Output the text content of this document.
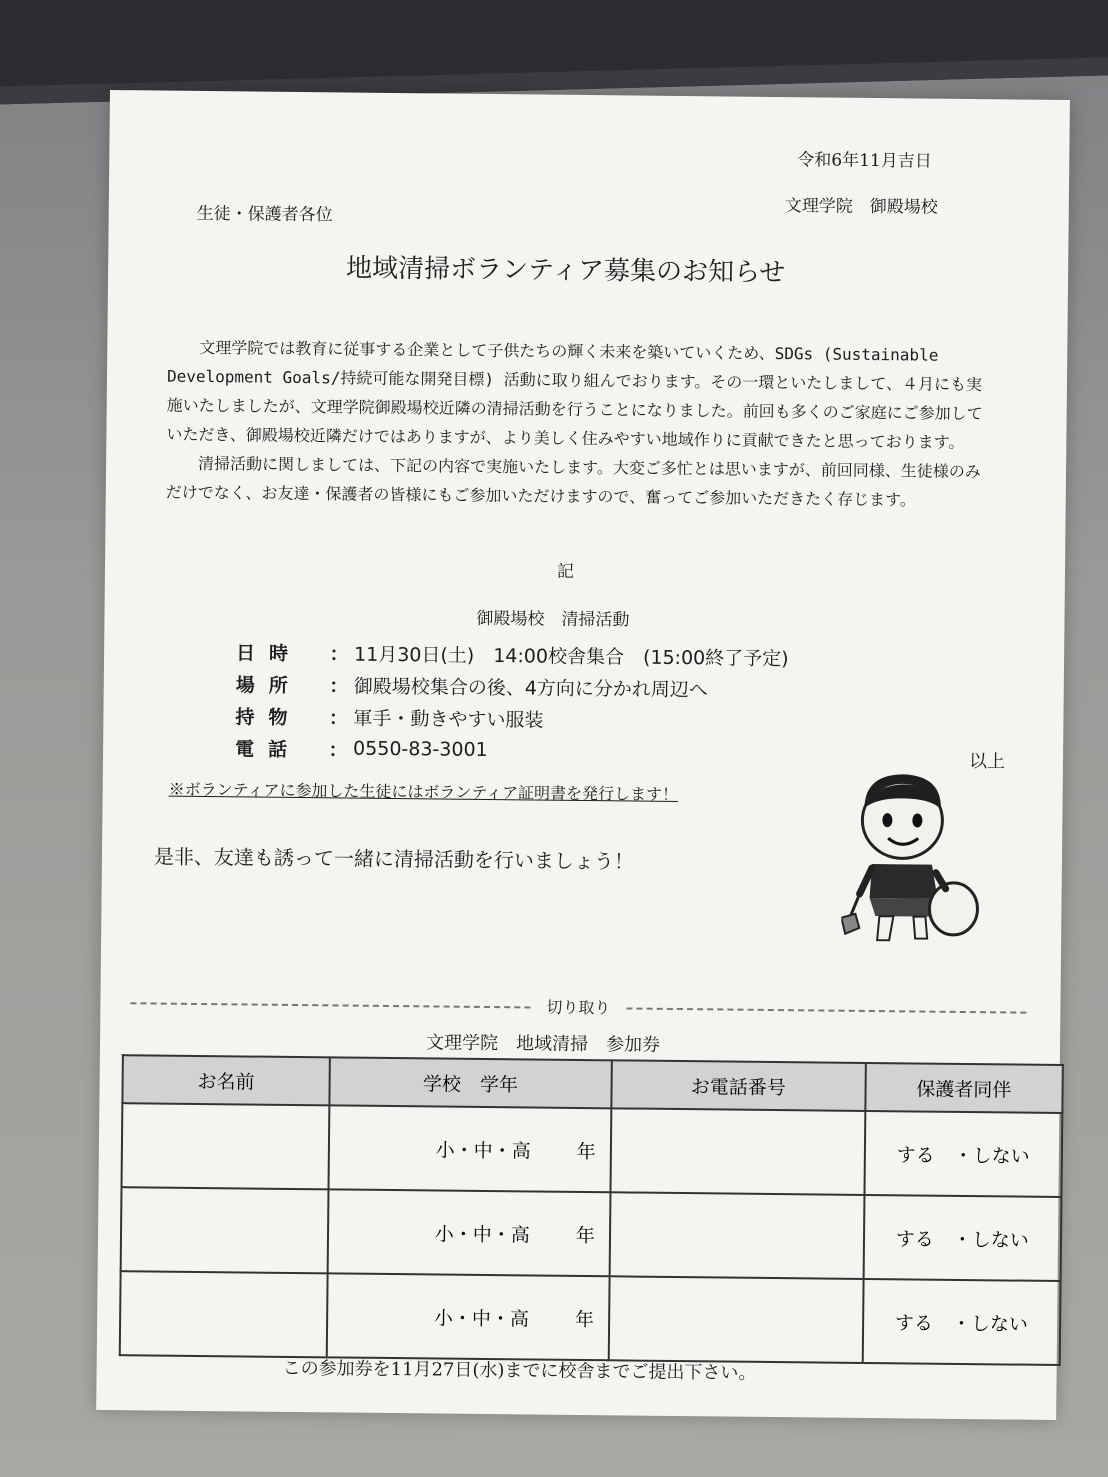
令和6年11月吉日
文理学院　御殿場校
生徒・保護者各位
地域清掃ボランティア募集のお知らせ

文理学院では教育に従事する企業として子供たちの輝く未来を築いていくため、SDGs (Sustainable Development Goals/持続可能な開発目標) 活動に取り組んでおります。その一環といたしまして、４月にも実施いたしましたが、文理学院御殿場校近隣の清掃活動を行うことになりました。前回も多くのご家庭にご参加していただき、御殿場校近隣だけではありますが、より美しく住みやすい地域作りに貢献できたと思っております。

清掃活動に関しましては、下記の内容で実施いたします。大変ご多忙とは思いますが、前回同様、生徒様のみだけでなく、お友達・保護者の皆様にもご参加いただけますので、奮ってご参加いただきたく存じます。

記
御殿場校　清掃活動
日時	： 11月30日(土)　14:00校舎集合　(15:00終了予定)
場所	： 御殿場校集合の後、4方向に分かれ周辺へ
持物	： 軍手・動きやすい服装
電話	： 0550-83-3001
以上
※ボランティアに参加した生徒にはボランティア証明書を発行します！
是非、友達も誘って一緒に清掃活動を行いましょう！
切り取り
文理学院　地域清掃　参加券
お名前	学校　学年	お電話番号	保護者同伴
	小・中・高 年		する　・しない
	小・中・高 年		する　・しない
	小・中・高 年		する　・しない
この参加券を11月27日(水)までに校舎までご提出下さい。
